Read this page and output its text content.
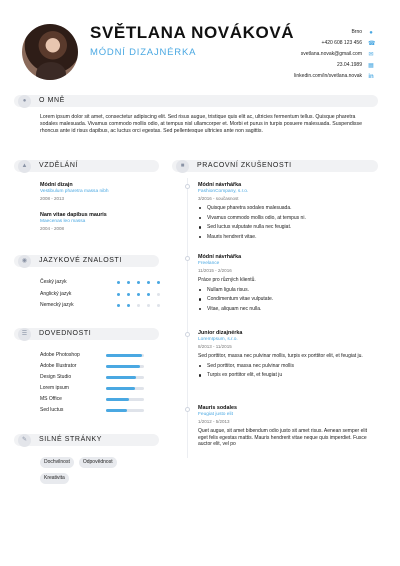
SVĚTLANA NOVÁKOVÁ
MÓDNÍ DIZAJNÉRKA
Brno ●
+420 608 123 456 ☎
svetlana.novak@gmail.com ✉
23.04.1989 ▦
linkedin.com/in/svetlana.novak in
●	O MNĚ
Lorem ipsum dolor sit amet, consectetur adipiscing elit. Sed risus augue, tristique quis elit ac, ultricies fermentum tellus. Quisque pharetra sodales malesuada. Vivamus commodo mollis odio, at tempus nisl ullamcorper et. Morbi et purus in turpis posuere malesuada. Suspendisse rhoncus ante id risus dapibus, ac luctus orci egestas. Sed pellentesque ultricies ante non sagittis.
▲	VZDĚLÁNÍ
Módní dizajn
Vestibulum pharetra massa nibh
2008 - 2013
Nam vitae dapibus mauris
Maecenas leo massa
2004 - 2008
◉	JAZYKOVÉ ZNALOSTI
Český jazyk
Anglický jazyk
Nemecký jazyk
☰	DOVEDNOSTI
Adobe Photoshop
Adobe Illustrator
Design Studio
Lorem ipsum
MS Office
Sed luctus
✎	SILNÉ STRÁNKY
Dochvilnost	Odpovědnost
Kreativita
■	PRACOVNÍ ZKUŠENOSTI
Módní návrhářka
FashionCompany, s.r.o.
3/2016 - současnost
Quisque pharetra sodales malesuada.
Vivamus commodo mollis odio, at tempus ni.
Sed luctus vulputate nulla nec feugiat.
Mauris hendrerit vitae.
Módní návrhářka
Freelance
11/2015 - 2/2016

Práce pro různých klientů.

Nullam ligula risus.
Condimentum vitae vulputate.
Vitae, aliquam nec nulla.
Junior dizajnérka
LoremIpsum, s.r.o.
8/2013 - 11/2015

Sed porttitor, massa nec pulvinar mollis, turpis ex porttitor elit, et feugiat ju.

Sed porttitor, massa nec pulvinar mollis
Turpis ex porttitor elit, et feugiat ju
Mauris sodales
Feugiat justo elit
1/2012 - 5/2013

Quet augue, sit amet bibendum odio justo sit amet risus. Aenean semper elit eget felis egestas mattis. Mauris hendrerit vitae neque quis imperdiet. Fusce auctor elit, vel po
